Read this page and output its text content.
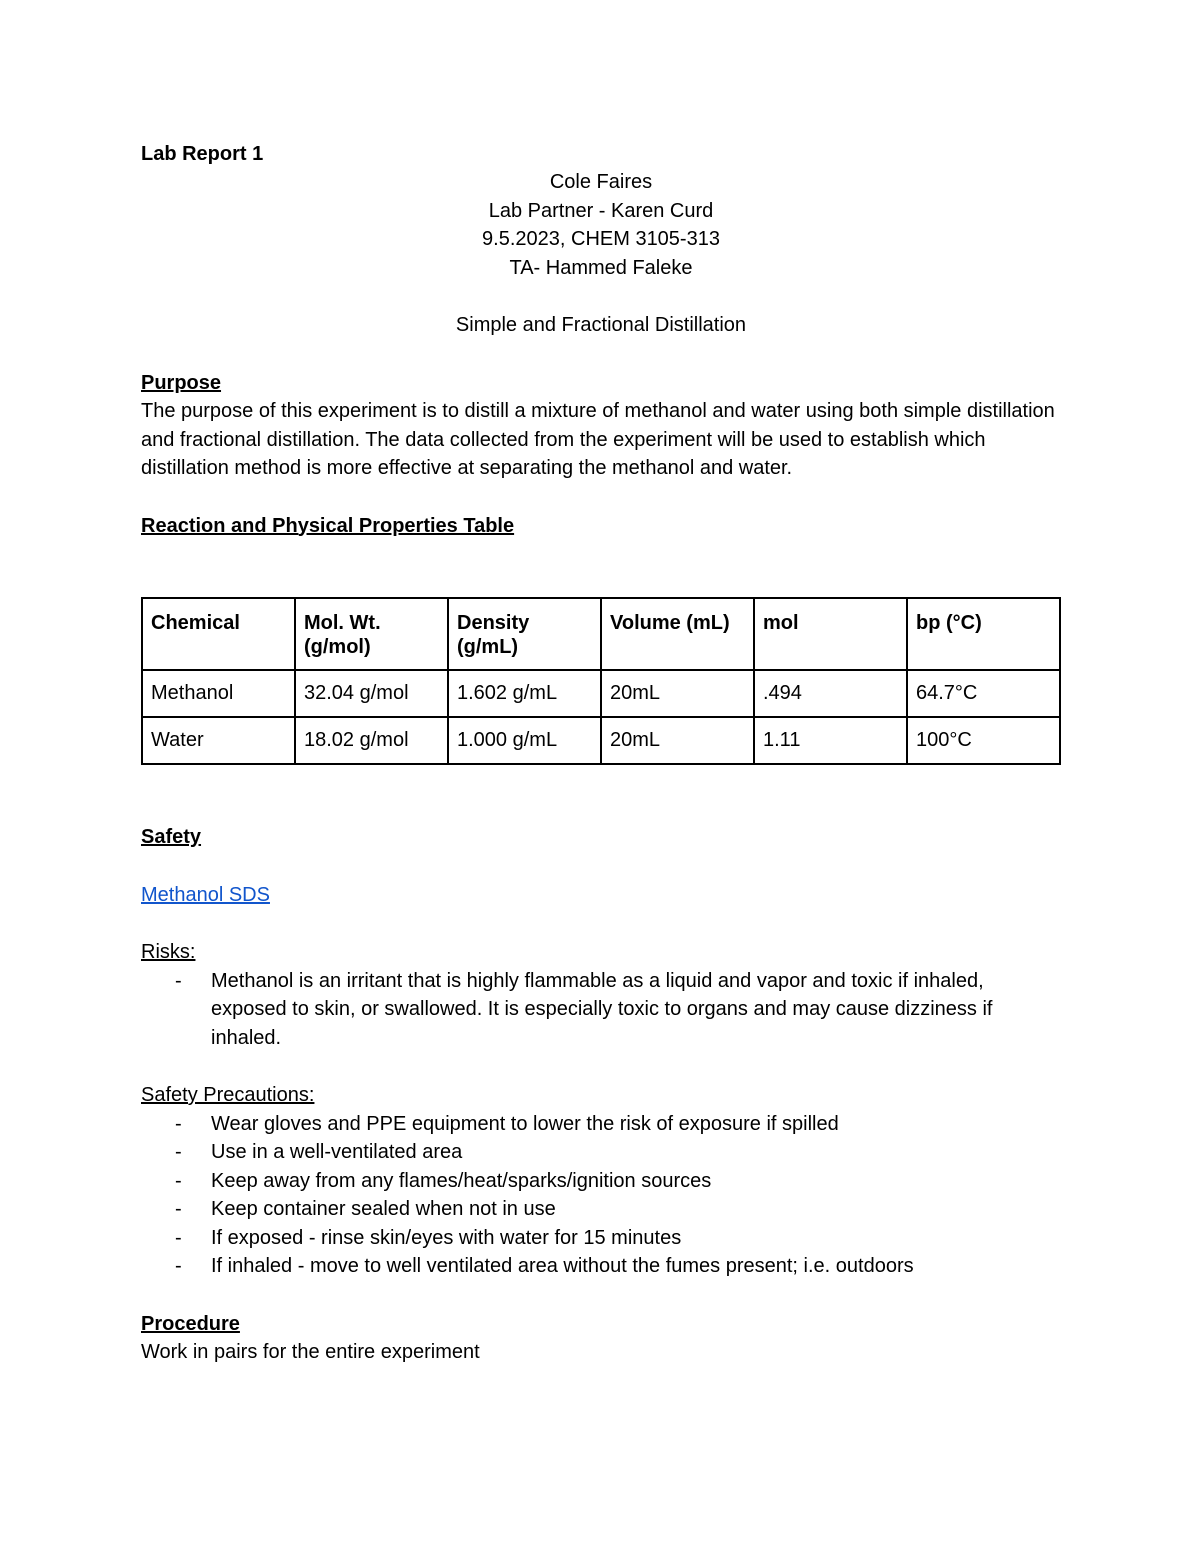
Lab Report 1
Cole Faires
Lab Partner - Karen Curd
9.5.2023, CHEM 3105-313
TA- Hammed Faleke
Simple and Fractional Distillation
Purpose
The purpose of this experiment is to distill a mixture of methanol and water using both simple distillation and fractional distillation. The data collected from the experiment will be used to establish which distillation method is more effective at separating the methanol and water.
Reaction and Physical Properties Table
Chemical	Mol. Wt. (g/mol)	Density (g/mL)	Volume (mL)	mol	bp (°C)
Methanol	32.04 g/mol	1.602 g/mL	20mL	.494	64.7°C
Water	18.02 g/mol	1.000 g/mL	20mL	1.11	100°C
Safety
Methanol SDS
Risks:
- Methanol is an irritant that is highly flammable as a liquid and vapor and toxic if inhaled, exposed to skin, or swallowed. It is especially toxic to organs and may cause dizziness if inhaled.
Safety Precautions:
- Wear gloves and PPE equipment to lower the risk of exposure if spilled
- Use in a well-ventilated area
- Keep away from any flames/heat/sparks/ignition sources
- Keep container sealed when not in use
- If exposed - rinse skin/eyes with water for 15 minutes
- If inhaled - move to well ventilated area without the fumes present; i.e. outdoors
Procedure
Work in pairs for the entire experiment
